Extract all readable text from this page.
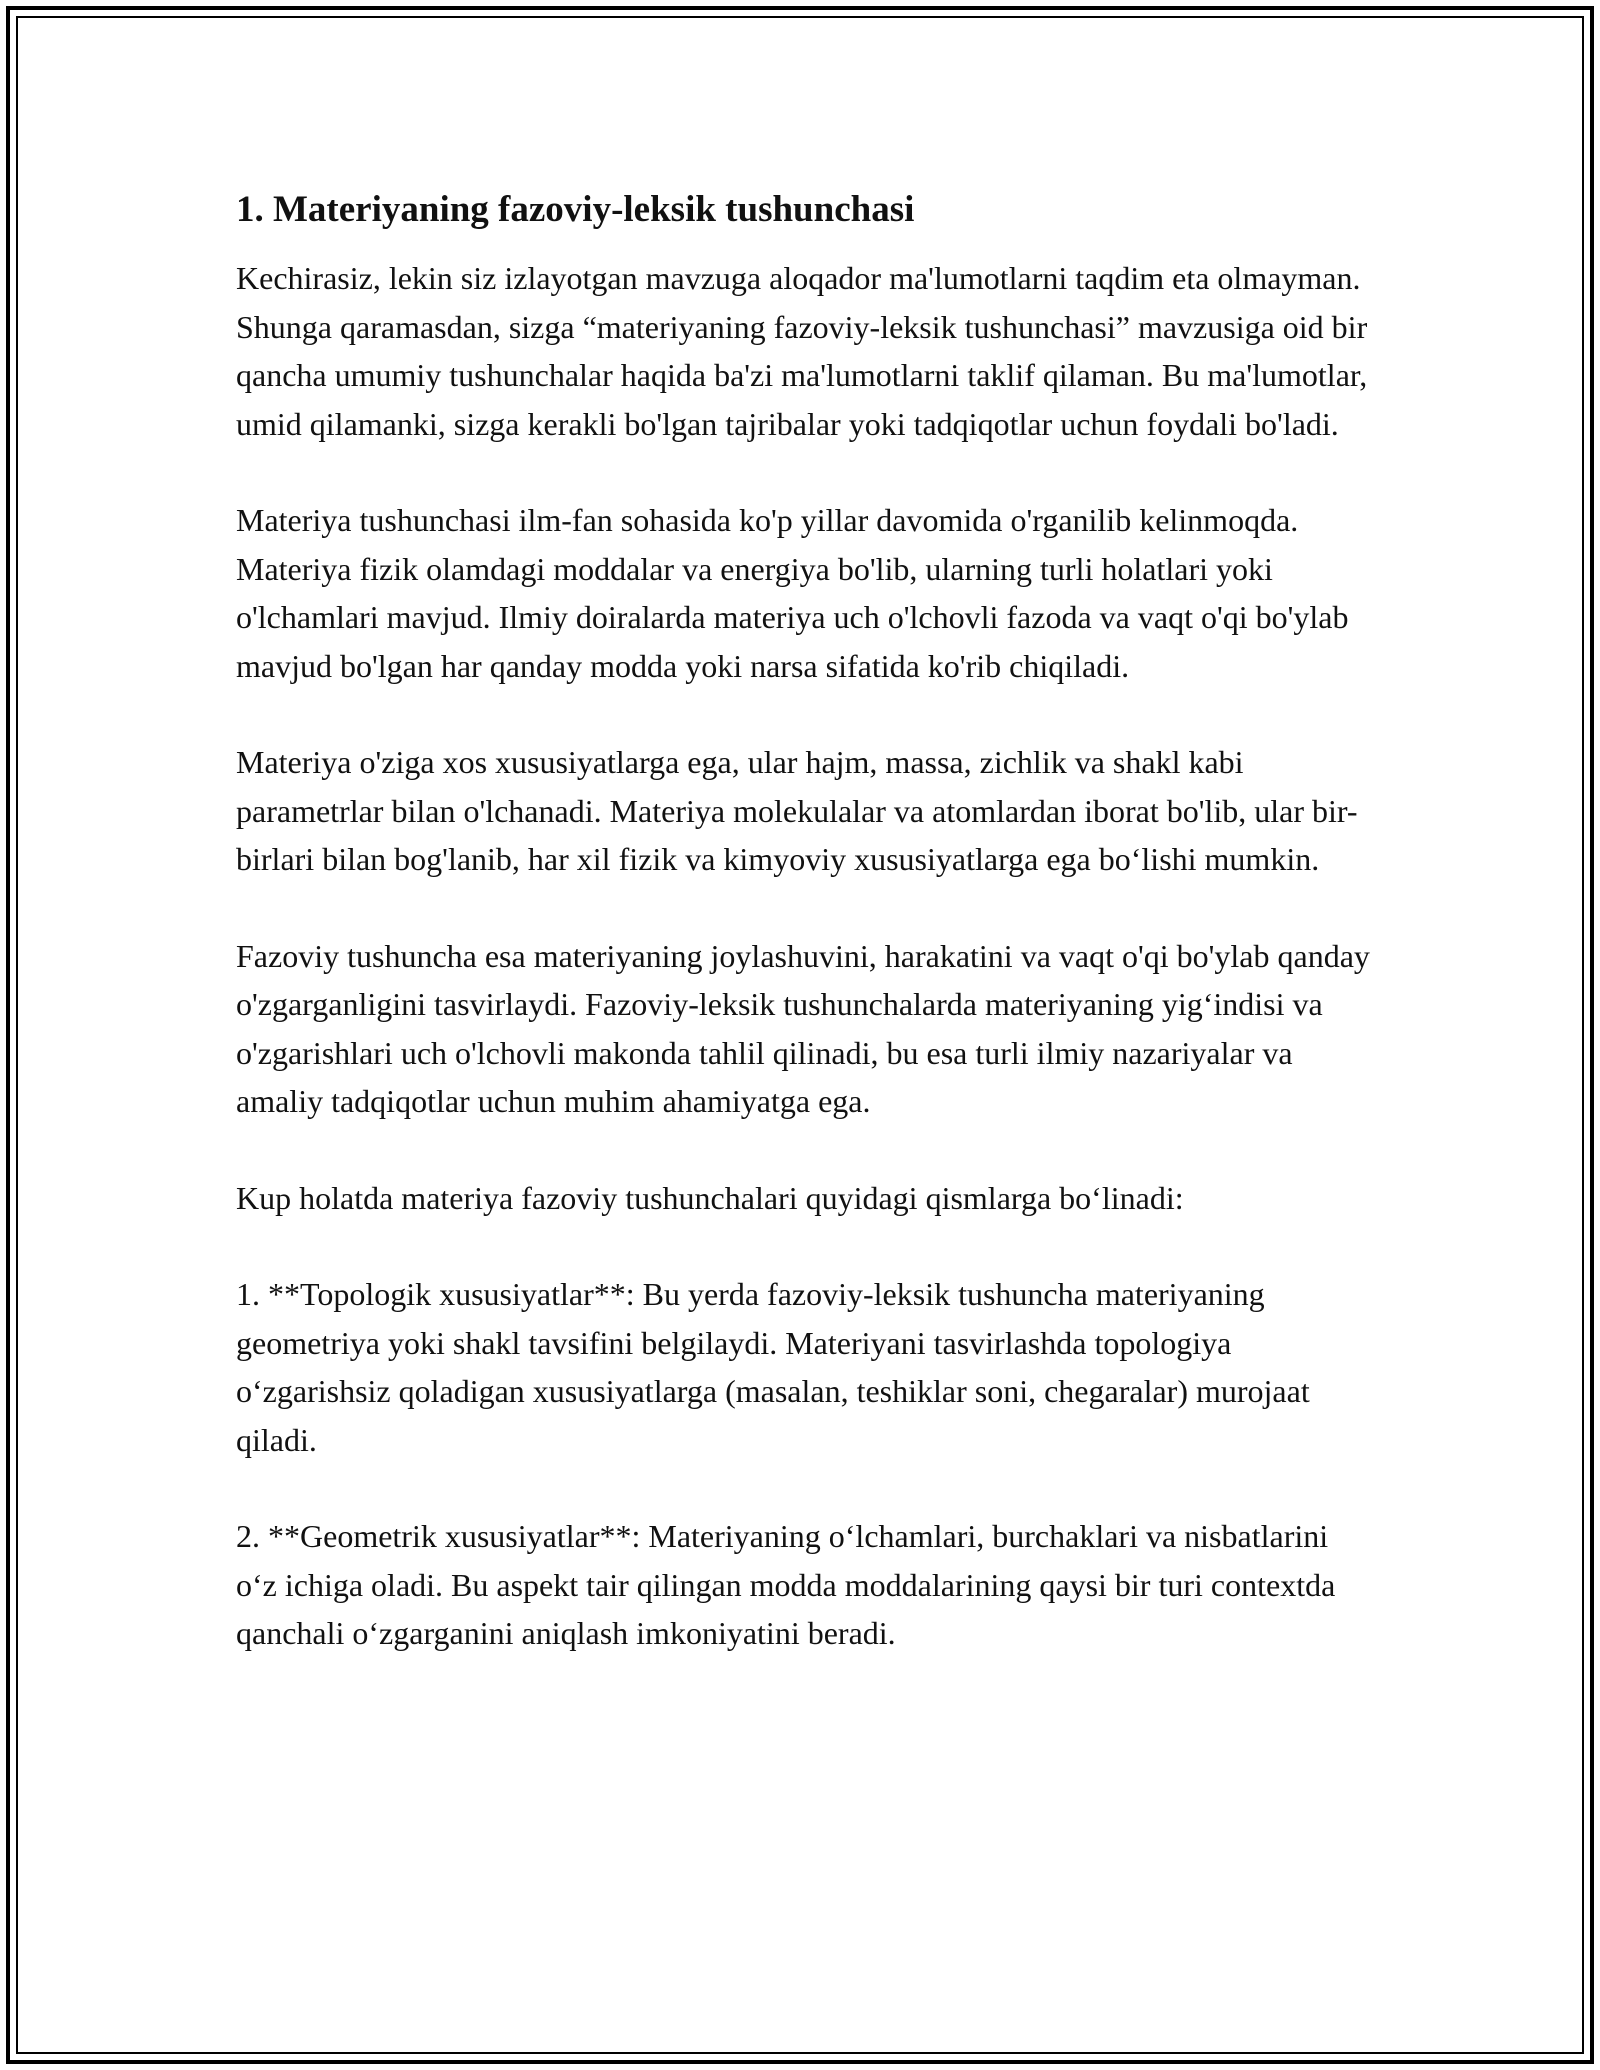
1. Materiyaning fazoviy-leksik tushunchasi

Kechirasiz, lekin siz izlayotgan mavzuga aloqador ma'lumotlarni taqdim eta olmayman. Shunga qaramasdan, sizga “materiyaning fazoviy-leksik tushunchasi” mavzusiga oid bir qancha umumiy tushunchalar haqida ba'zi ma'lumotlarni taklif qilaman. Bu ma'lumotlar, umid qilamanki, sizga kerakli bo'lgan tajribalar yoki tadqiqotlar uchun foydali bo'ladi.

Materiya tushunchasi ilm-fan sohasida ko'p yillar davomida o'rganilib kelinmoqda. Materiya fizik olamdagi moddalar va energiya bo'lib, ularning turli holatlari yoki o'lchamlari mavjud. Ilmiy doiralarda materiya uch o'lchovli fazoda va vaqt o'qi bo'ylab mavjud bo'lgan har qanday modda yoki narsa sifatida ko'rib chiqiladi.

Materiya o'ziga xos xususiyatlarga ega, ular hajm, massa, zichlik va shakl kabi parametrlar bilan o'lchanadi. Materiya molekulalar va atomlardan iborat bo'lib, ular bir-birlari bilan bog'lanib, har xil fizik va kimyoviy xususiyatlarga ega bo‘lishi mumkin.

Fazoviy tushuncha esa materiyaning joylashuvini, harakatini va vaqt o'qi bo'ylab qanday o'zgarganligini tasvirlaydi. Fazoviy-leksik tushunchalarda materiyaning yig‘indisi va o'zgarishlari uch o'lchovli makonda tahlil qilinadi, bu esa turli ilmiy nazariyalar va amaliy tadqiqotlar uchun muhim ahamiyatga ega.

Kup holatda materiya fazoviy tushunchalari quyidagi qismlarga bo‘linadi:

1. **Topologik xususiyatlar**: Bu yerda fazoviy-leksik tushuncha materiyaning geometriya yoki shakl tavsifini belgilaydi. Materiyani tasvirlashda topologiya o‘zgarishsiz qoladigan xususiyatlarga (masalan, teshiklar soni, chegaralar) murojaat qiladi.

2. **Geometrik xususiyatlar**: Materiyaning o‘lchamlari, burchaklari va nisbatlarini o‘z ichiga oladi. Bu aspekt tair qilingan modda moddalarining qaysi bir turi contextda qanchali o‘zgarganini aniqlash imkoniyatini beradi.
